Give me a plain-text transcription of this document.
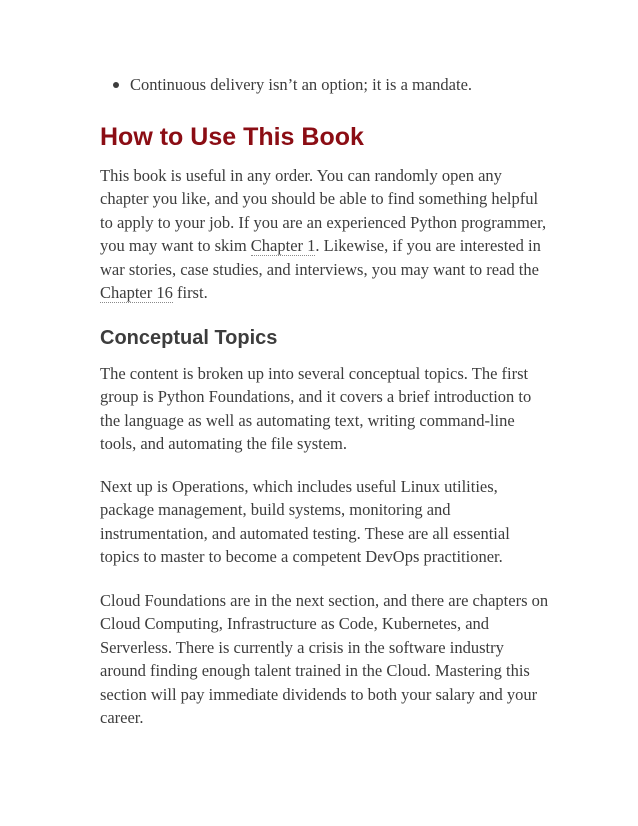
Continuous delivery isn’t an option; it is a mandate.
How to Use This Book

This book is useful in any order. You can randomly open any chapter you like, and you should be able to find something helpful to apply to your job. If you are an experienced Python programmer, you may want to skim Chapter 1. Likewise, if you are interested in war stories, case studies, and interviews, you may want to read the Chapter 16 first.

Conceptual Topics

The content is broken up into several conceptual topics. The first group is Python Foundations, and it covers a brief introduction to the language as well as automating text, writing command-line tools, and automating the file system.

Next up is Operations, which includes useful Linux utilities, package management, build systems, monitoring and instrumentation, and automated testing. These are all essential topics to master to become a competent DevOps practitioner.

Cloud Foundations are in the next section, and there are chapters on Cloud Computing, Infrastructure as Code, Kubernetes, and Serverless. There is currently a crisis in the software industry around finding enough talent trained in the Cloud. Mastering this section will pay immediate dividends to both your salary and your career.
